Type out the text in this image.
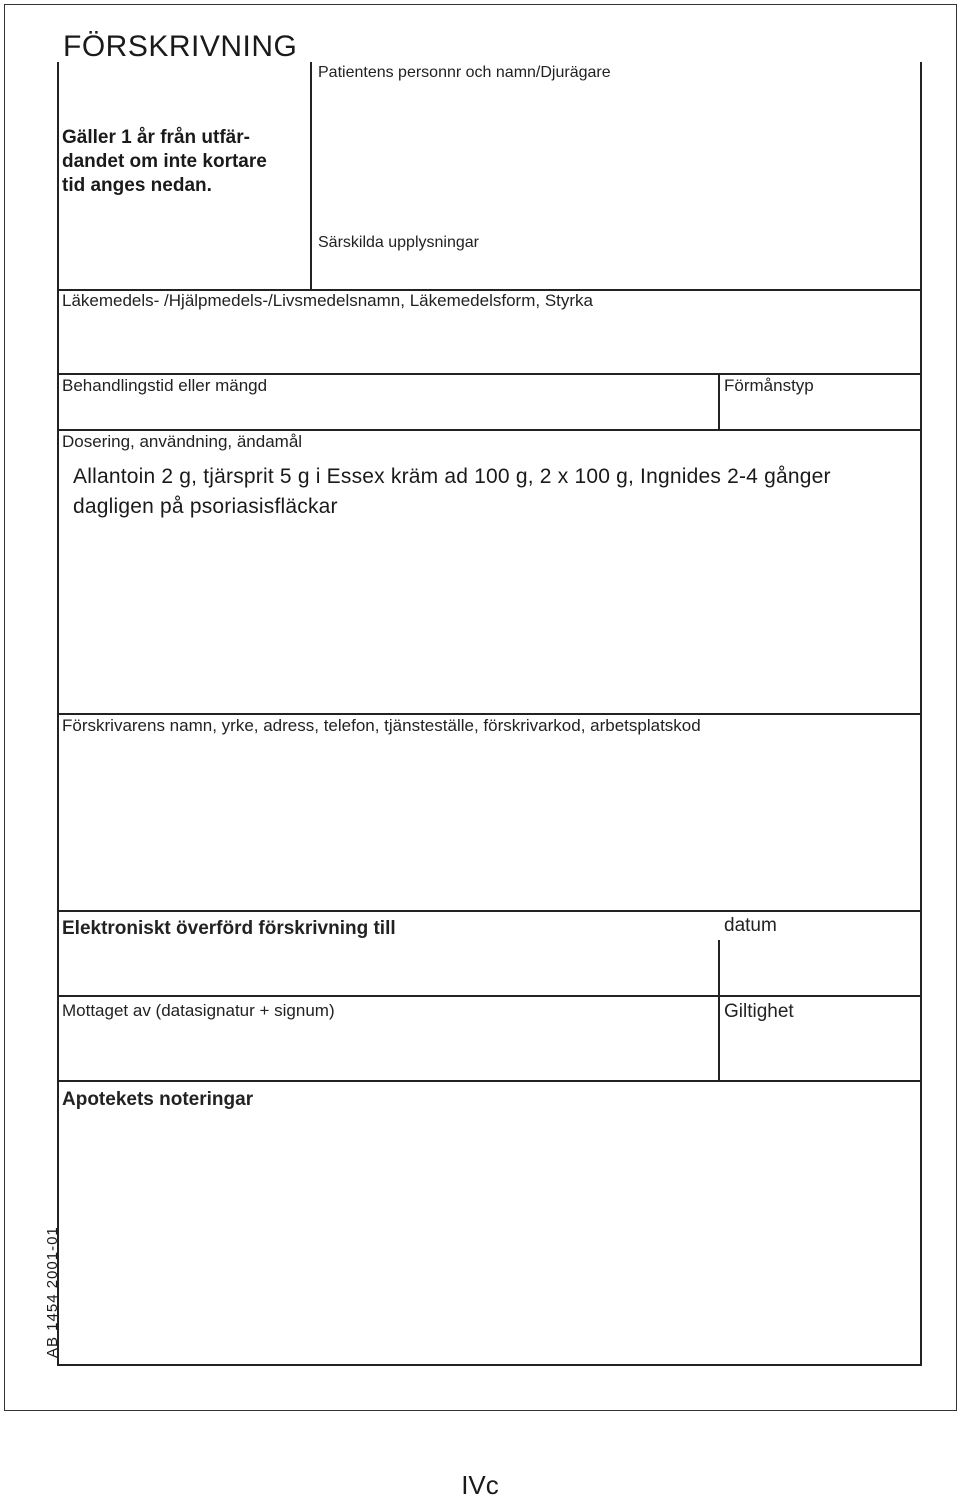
FÖRSKRIVNING
Gäller 1 år från utfär-
dandet om inte kortare
tid anges nedan.
Patientens personnr och namn/Djurägare
Särskilda upplysningar
Läkemedels- /Hjälpmedels-/Livsmedelsnamn, Läkemedelsform, Styrka
Behandlingstid eller mängd	Förmånstyp
Dosering, användning, ändamål
Allantoin 2 g, tjärsprit 5 g i Essex kräm ad 100 g, 2 x 100 g, Ingnides 2-4 gånger dagligen på psoriasisfläckar
Förskrivarens namn, yrke, adress, telefon, tjänsteställe, förskrivarkod, arbetsplatskod
Elektroniskt överförd förskrivning till	datum
Mottaget av (datasignatur + signum)	Giltighet
Apotekets noteringar
AB 1454 2001-01
IVc
